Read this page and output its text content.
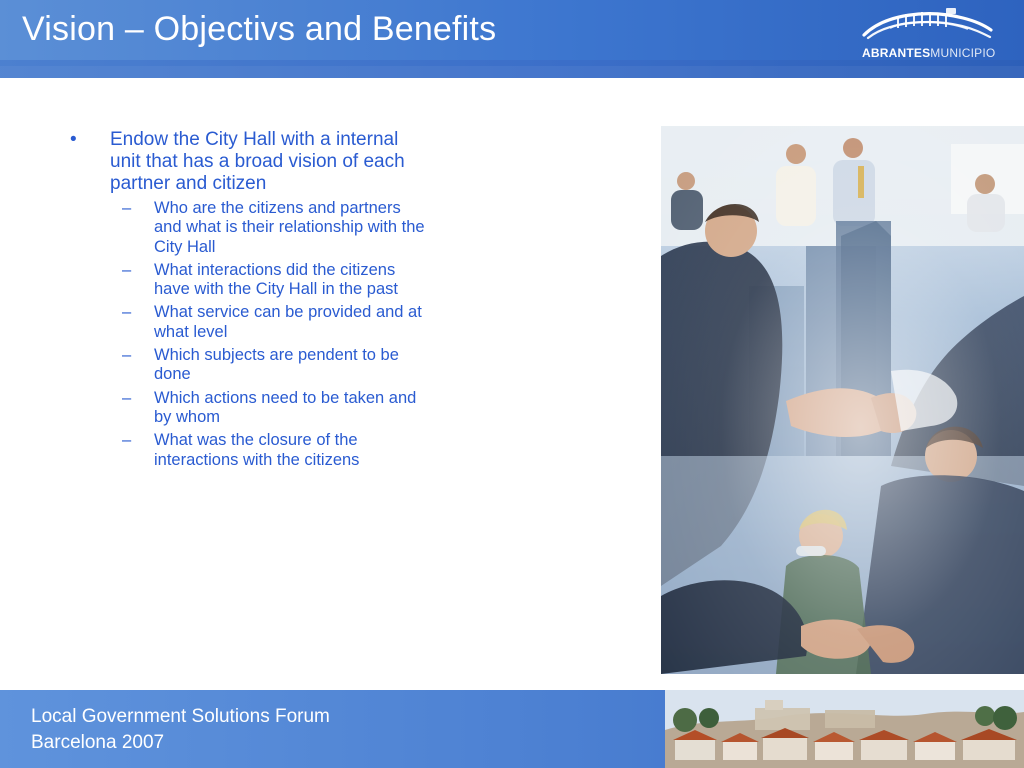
Vision – Objectivs and Benefits
ABRANTESMUNICIPIO
• Endow the City Hall with a internal unit that has a broad vision of each partner and citizen
– Who are the citizens and partners and what is their relationship with the City Hall
– What interactions did the citizens have with the City Hall in the past
– What service can be provided and at what level
– Which subjects are pendent to be done
– Which actions need to be taken and by whom
– What was the closure of the interactions with the citizens
Local Government Solutions Forum
Barcelona 2007
